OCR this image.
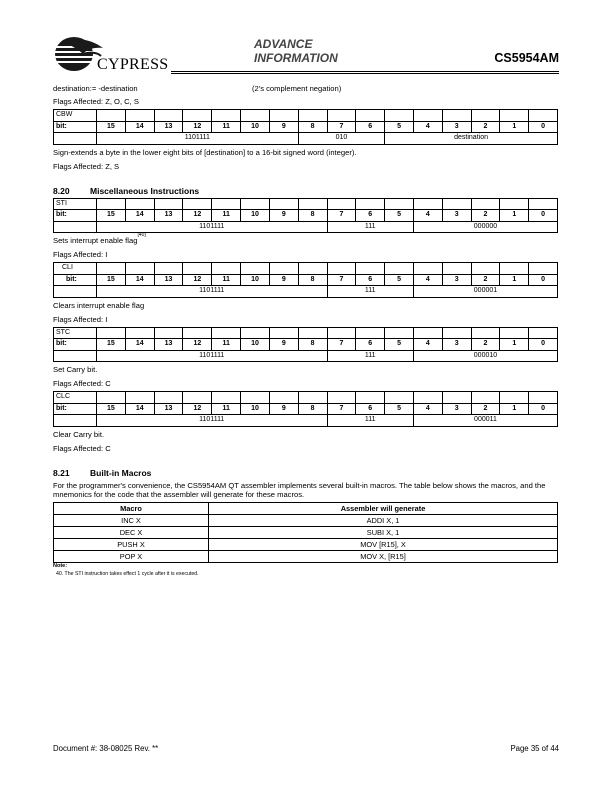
CYPRESS
ADVANCE
INFORMATION	CS5954AM
destination:= -destination	(2's complement negation)
Flags Affected: Z, O, C, S
CBW																
bit:	15	14	13	12	11	10	9	8	7	6	5	4	3	2	1	0
	1101111							010			destination					
Sign-extends a byte in the lower eight bits of [destination] to a 16-bit signed word (integer).
Flags Affected: Z, S
8.20 Miscellaneous Instructions
STI																
bit:	15	14	13	12	11	10	9	8	7	6	5	4	3	2	1	0
	1101111								111			000000				
Sets interrupt enable flag[40]
Flags Affected: I
CLI																
bit:	15	14	13	12	11	10	9	8	7	6	5	4	3	2	1	0
	1101111								111			000001				
Clears interrupt enable flag
Flags Affected: I
STC																
bit:	15	14	13	12	11	10	9	8	7	6	5	4	3	2	1	0
	1101111								111			000010				
Set Carry bit.
Flags Affected: C
CLC																
bit:	15	14	13	12	11	10	9	8	7	6	5	4	3	2	1	0
	1101111								111			000011				
Clear Carry bit.
Flags Affected: C
8.21 Built-in Macros
For the programmer's convenience, the CS5954AM QT assembler implements several built-in macros. The table below shows the macros, and the mnemonics for the code that the assembler will generate for these macros.
Macro	Assembler will generate
INC X	ADDI X, 1
DEC X	SUBI X, 1
PUSH X	MOV [R15], X
POP X	MOV X, [R15]
Note:
40. The STI instruction takes effect 1 cycle after it is executed.
Document #: 38-08025 Rev. **	Page 35 of 44
